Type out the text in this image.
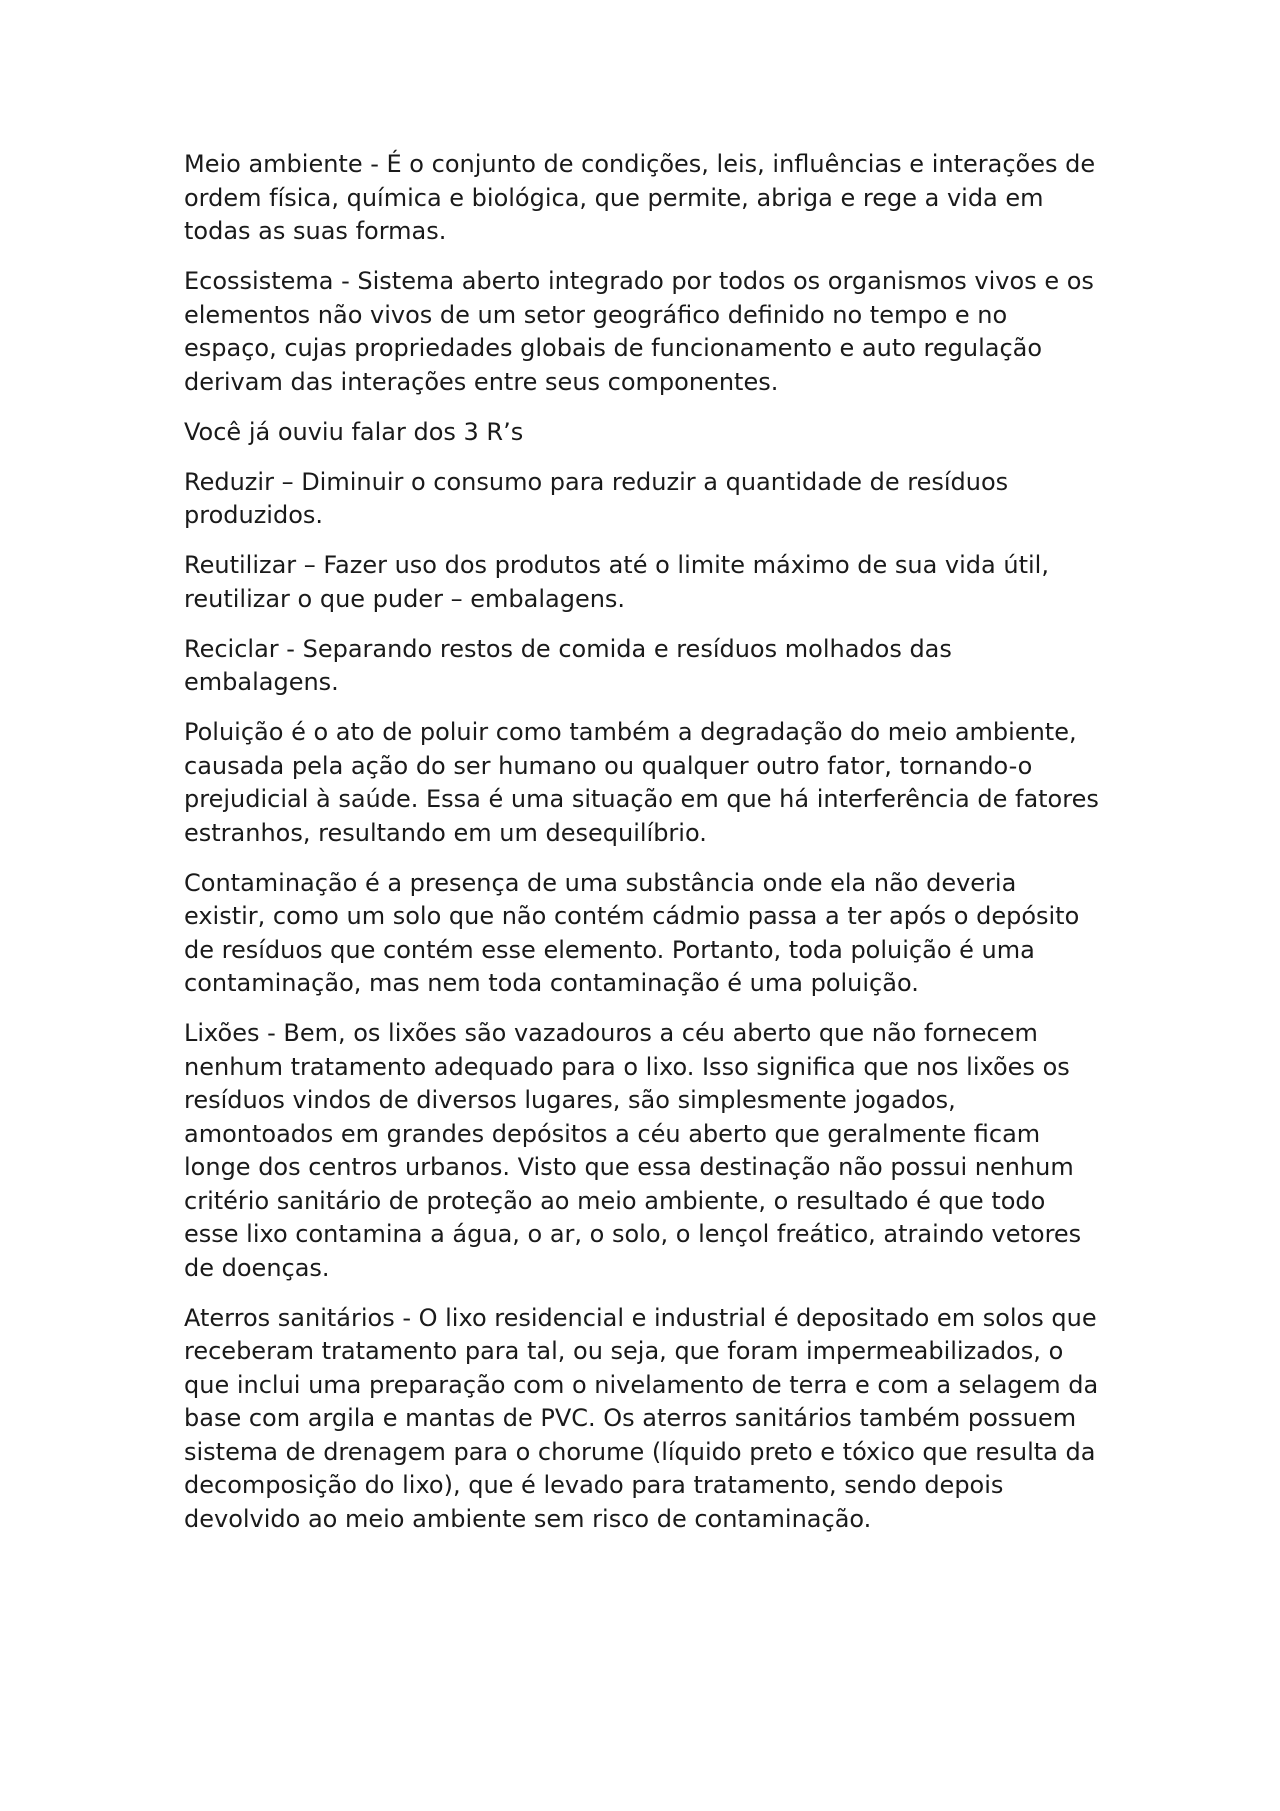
Meio ambiente - É o conjunto de condições, leis, influências e interações de ordem física, química e biológica, que permite, abriga e rege a vida em todas as suas formas.

Ecossistema - Sistema aberto integrado por todos os organismos vivos e os elementos não vivos de um setor geográfico definido no tempo e no espaço, cujas propriedades globais de funcionamento e auto regulação derivam das interações entre seus componentes.

Você já ouviu falar dos 3 R’s

Reduzir – Diminuir o consumo para reduzir a quantidade de resíduos produzidos.

Reutilizar – Fazer uso dos produtos até o limite máximo de sua vida útil, reutilizar o que puder – embalagens.

Reciclar - Separando restos de comida e resíduos molhados das embalagens.

Poluição é o ato de poluir como também a degradação do meio ambiente, causada pela ação do ser humano ou qualquer outro fator, tornando-o prejudicial à saúde. Essa é uma situação em que há interferência de fatores estranhos, resultando em um desequilíbrio.

Contaminação é a presença de uma substância onde ela não deveria existir, como um solo que não contém cádmio passa a ter após o depósito de resíduos que contém esse elemento. Portanto, toda poluição é uma contaminação, mas nem toda contaminação é uma poluição.

Lixões - Bem, os lixões são vazadouros a céu aberto que não fornecem nenhum tratamento adequado para o lixo. Isso significa que nos lixões os resíduos vindos de diversos lugares, são simplesmente jogados, amontoados em grandes depósitos a céu aberto que geralmente ficam longe dos centros urbanos. Visto que essa destinação não possui nenhum critério sanitário de proteção ao meio ambiente, o resultado é que todo esse lixo contamina a água, o ar, o solo, o lençol freático, atraindo vetores de doenças.

Aterros sanitários - O lixo residencial e industrial é depositado em solos que receberam tratamento para tal, ou seja, que foram impermeabilizados, o que inclui uma preparação com o nivelamento de terra e com a selagem da base com argila e mantas de PVC. Os aterros sanitários também possuem sistema de drenagem para o chorume (líquido preto e tóxico que resulta da decomposição do lixo), que é levado para tratamento, sendo depois devolvido ao meio ambiente sem risco de contaminação.
